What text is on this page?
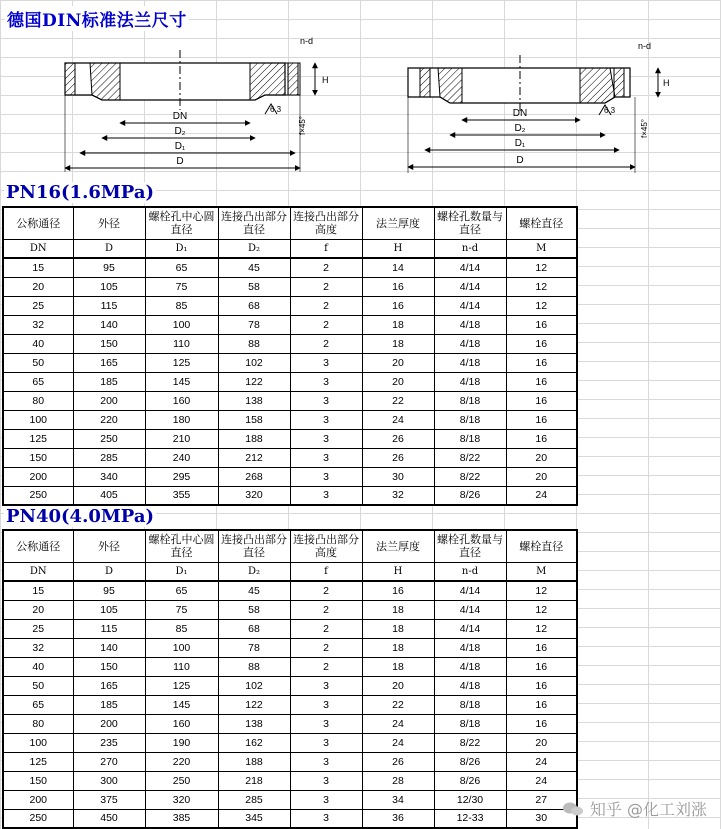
德国DIN标准法兰尺寸
DN
D₂
D₁
D
H
n-d
6.3
f×45°
DN
D₂
D₁
D
H
n-d
6.3
f×45°
PN16(1.6MPa)
公称通径	外径	螺栓孔中心圆直径	连接凸出部分直径	连接凸出部分高度	法兰厚度	螺栓孔数量与直径	螺栓直径
DN	D	D₁	D₂	f	H	n-d	M
15	95	65	45	2	14	4/14	12
20	105	75	58	2	16	4/14	12
25	115	85	68	2	16	4/14	12
32	140	100	78	2	18	4/18	16
40	150	110	88	2	18	4/18	16
50	165	125	102	3	20	4/18	16
65	185	145	122	3	20	4/18	16
80	200	160	138	3	22	8/18	16
100	220	180	158	3	24	8/18	16
125	250	210	188	3	26	8/18	16
150	285	240	212	3	26	8/22	20
200	340	295	268	3	30	8/22	20
250	405	355	320	3	32	8/26	24
PN40(4.0MPa)
公称通径	外径	螺栓孔中心圆直径	连接凸出部分直径	连接凸出部分高度	法兰厚度	螺栓孔数量与直径	螺栓直径
DN	D	D₁	D₂	f	H	n-d	M
15	95	65	45	2	16	4/14	12
20	105	75	58	2	18	4/14	12
25	115	85	68	2	18	4/14	12
32	140	100	78	2	18	4/18	16
40	150	110	88	2	18	4/18	16
50	165	125	102	3	20	4/18	16
65	185	145	122	3	22	8/18	16
80	200	160	138	3	24	8/18	16
100	235	190	162	3	24	8/22	20
125	270	220	188	3	26	8/26	24
150	300	250	218	3	28	8/26	24
200	375	320	285	3	34	12/30	27
250	450	385	345	3	36	12-33	30	知乎 @化工刘涨
